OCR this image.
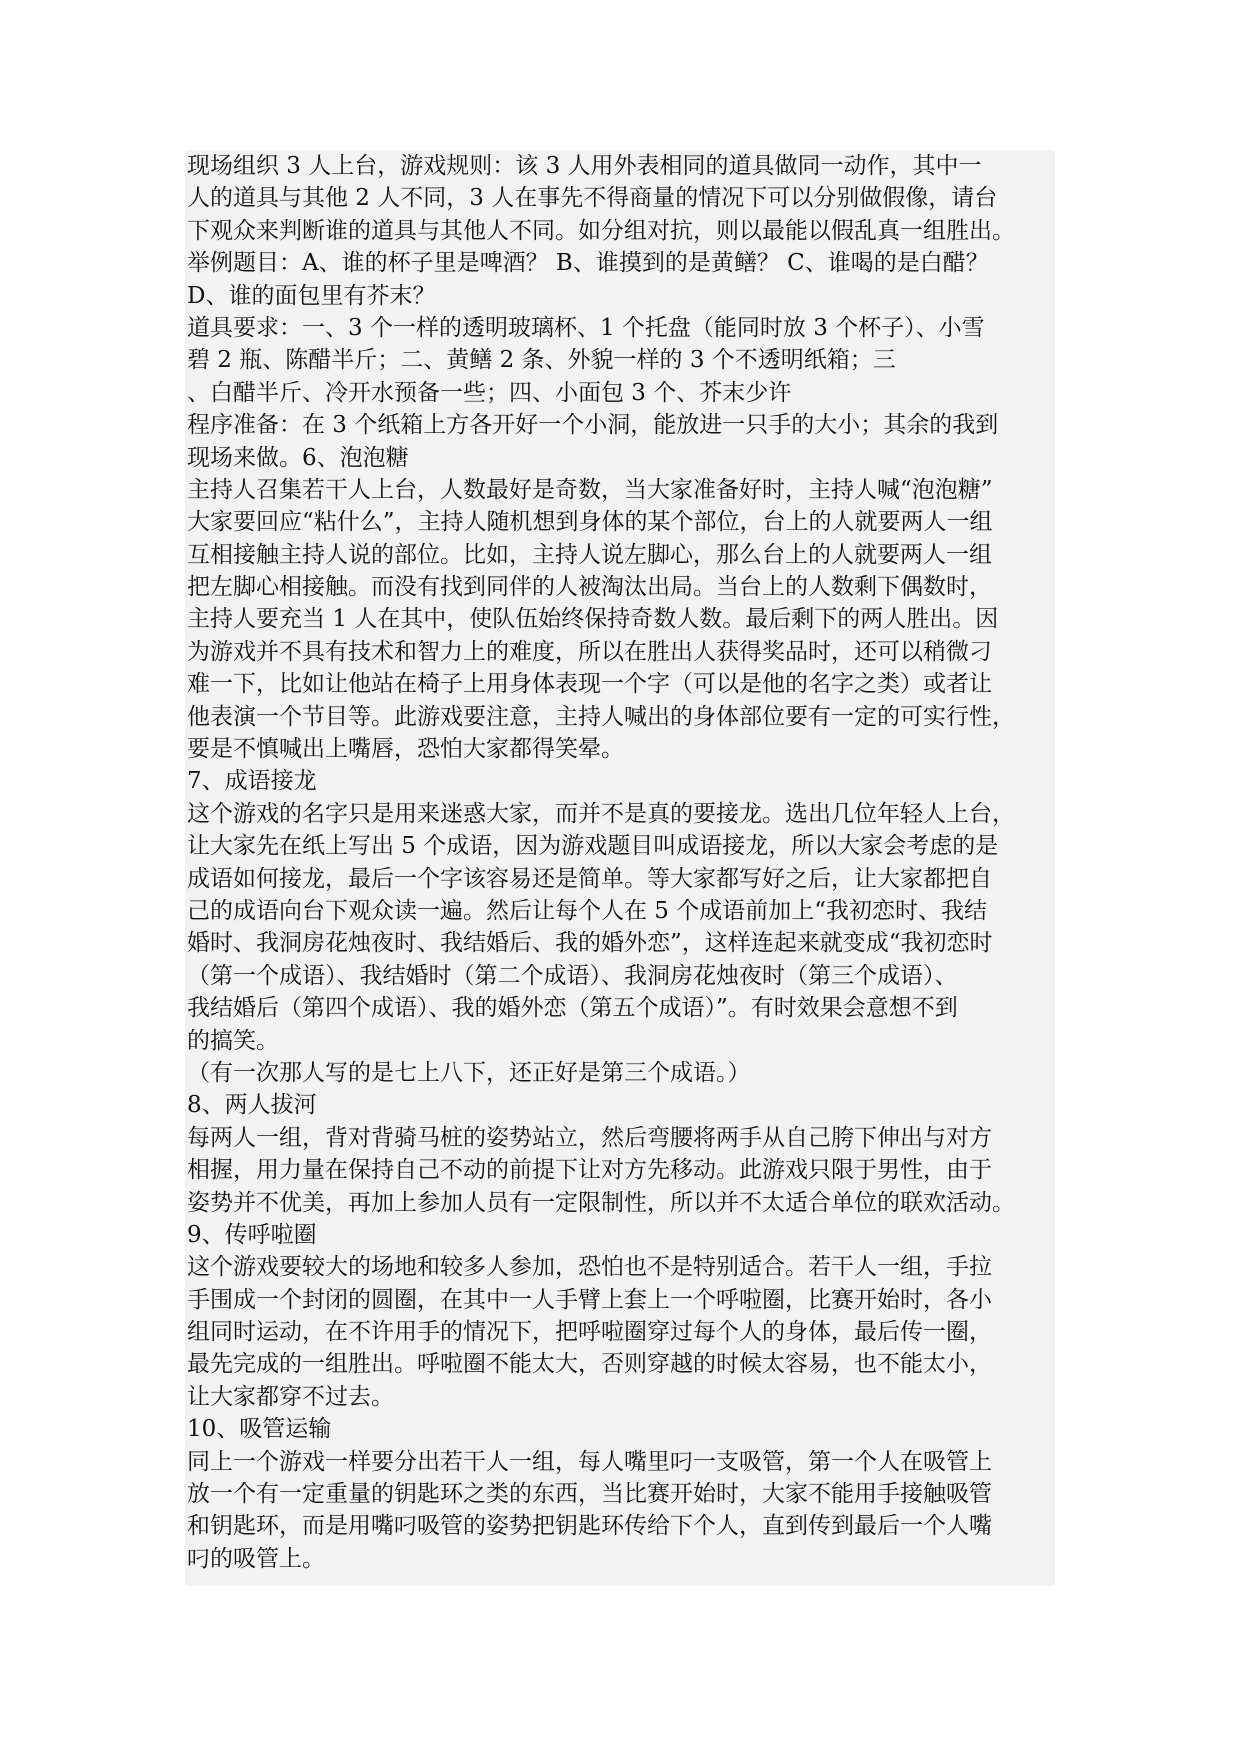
现场组织 3 人上台，游戏规则：该 3 人用外表相同的道具做同一动作，其中一
人的道具与其他 2 人不同，3 人在事先不得商量的情况下可以分别做假像，请台
下观众来判断谁的道具与其他人不同。如分组对抗，则以最能以假乱真一组胜出。
举例题目：A、谁的杯子里是啤酒？ B、谁摸到的是黄鳝？ C、谁喝的是白醋？
D、谁的面包里有芥末？
道具要求：一、3 个一样的透明玻璃杯、1 个托盘（能同时放 3 个杯子）、小雪
碧 2 瓶、陈醋半斤；二、黄鳝 2 条、外貌一样的 3 个不透明纸箱；三
、白醋半斤、冷开水预备一些；四、小面包 3 个、芥末少许
程序准备：在 3 个纸箱上方各开好一个小洞，能放进一只手的大小；其余的我到
现场来做。6、泡泡糖
主持人召集若干人上台，人数最好是奇数，当大家准备好时，主持人喊“泡泡糖”
大家要回应“粘什么”，主持人随机想到身体的某个部位，台上的人就要两人一组
互相接触主持人说的部位。比如，主持人说左脚心，那么台上的人就要两人一组
把左脚心相接触。而没有找到同伴的人被淘汰出局。当台上的人数剩下偶数时，
主持人要充当 1 人在其中，使队伍始终保持奇数人数。最后剩下的两人胜出。因
为游戏并不具有技术和智力上的难度，所以在胜出人获得奖品时，还可以稍微刁
难一下，比如让他站在椅子上用身体表现一个字（可以是他的名字之类）或者让
他表演一个节目等。此游戏要注意，主持人喊出的身体部位要有一定的可实行性，
要是不慎喊出上嘴唇，恐怕大家都得笑晕。
7、成语接龙
这个游戏的名字只是用来迷惑大家，而并不是真的要接龙。选出几位年轻人上台，
让大家先在纸上写出 5 个成语，因为游戏题目叫成语接龙，所以大家会考虑的是
成语如何接龙，最后一个字该容易还是简单。等大家都写好之后，让大家都把自
己的成语向台下观众读一遍。然后让每个人在 5 个成语前加上“我初恋时、我结
婚时、我洞房花烛夜时、我结婚后、我的婚外恋”，这样连起来就变成“我初恋时
（第一个成语）、我结婚时（第二个成语）、我洞房花烛夜时（第三个成语）、
我结婚后（第四个成语）、我的婚外恋（第五个成语）”。有时效果会意想不到
的搞笑。
（有一次那人写的是七上八下，还正好是第三个成语。）
8、两人拔河
每两人一组，背对背骑马桩的姿势站立，然后弯腰将两手从自己胯下伸出与对方
相握，用力量在保持自己不动的前提下让对方先移动。此游戏只限于男性，由于
姿势并不优美，再加上参加人员有一定限制性，所以并不太适合单位的联欢活动。
9、传呼啦圈
这个游戏要较大的场地和较多人参加，恐怕也不是特别适合。若干人一组，手拉
手围成一个封闭的圆圈，在其中一人手臂上套上一个呼啦圈，比赛开始时，各小
组同时运动，在不许用手的情况下，把呼啦圈穿过每个人的身体，最后传一圈，
最先完成的一组胜出。呼啦圈不能太大，否则穿越的时候太容易，也不能太小，
让大家都穿不过去。
10、吸管运输
同上一个游戏一样要分出若干人一组，每人嘴里叼一支吸管，第一个人在吸管上
放一个有一定重量的钥匙环之类的东西，当比赛开始时，大家不能用手接触吸管
和钥匙环，而是用嘴叼吸管的姿势把钥匙环传给下个人，直到传到最后一个人嘴
叼的吸管上。
